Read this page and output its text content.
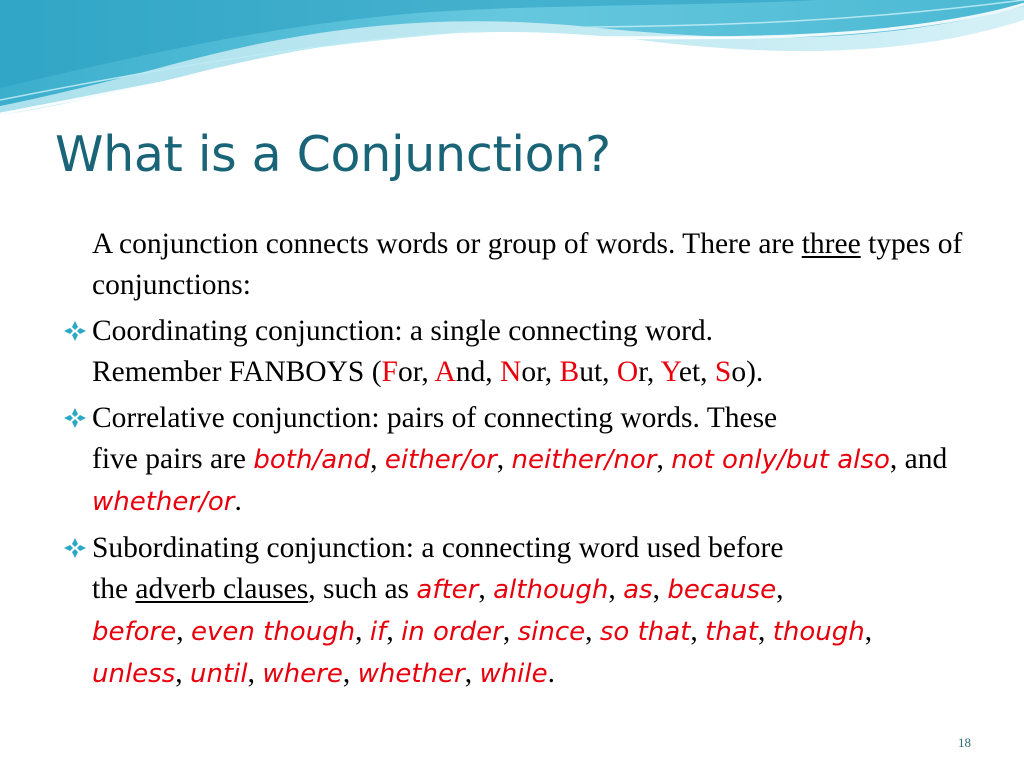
What is a Conjunction?

A conjunction connects words or group of words. There are three types of conjunctions:

Coordinating conjunction: a single connecting word.
Remember FANBOYS (For, And, Nor, But, Or, Yet, So).

Correlative conjunction: pairs of connecting words. These
five pairs are both/and, either/or, neither/nor, not only/but also, and whether/or.

Subordinating conjunction: a connecting word used before
the adverb clauses, such as after, although, as, because,
before, even though, if, in order, since, so that, that, though,
unless, until, where, whether, while.

18
